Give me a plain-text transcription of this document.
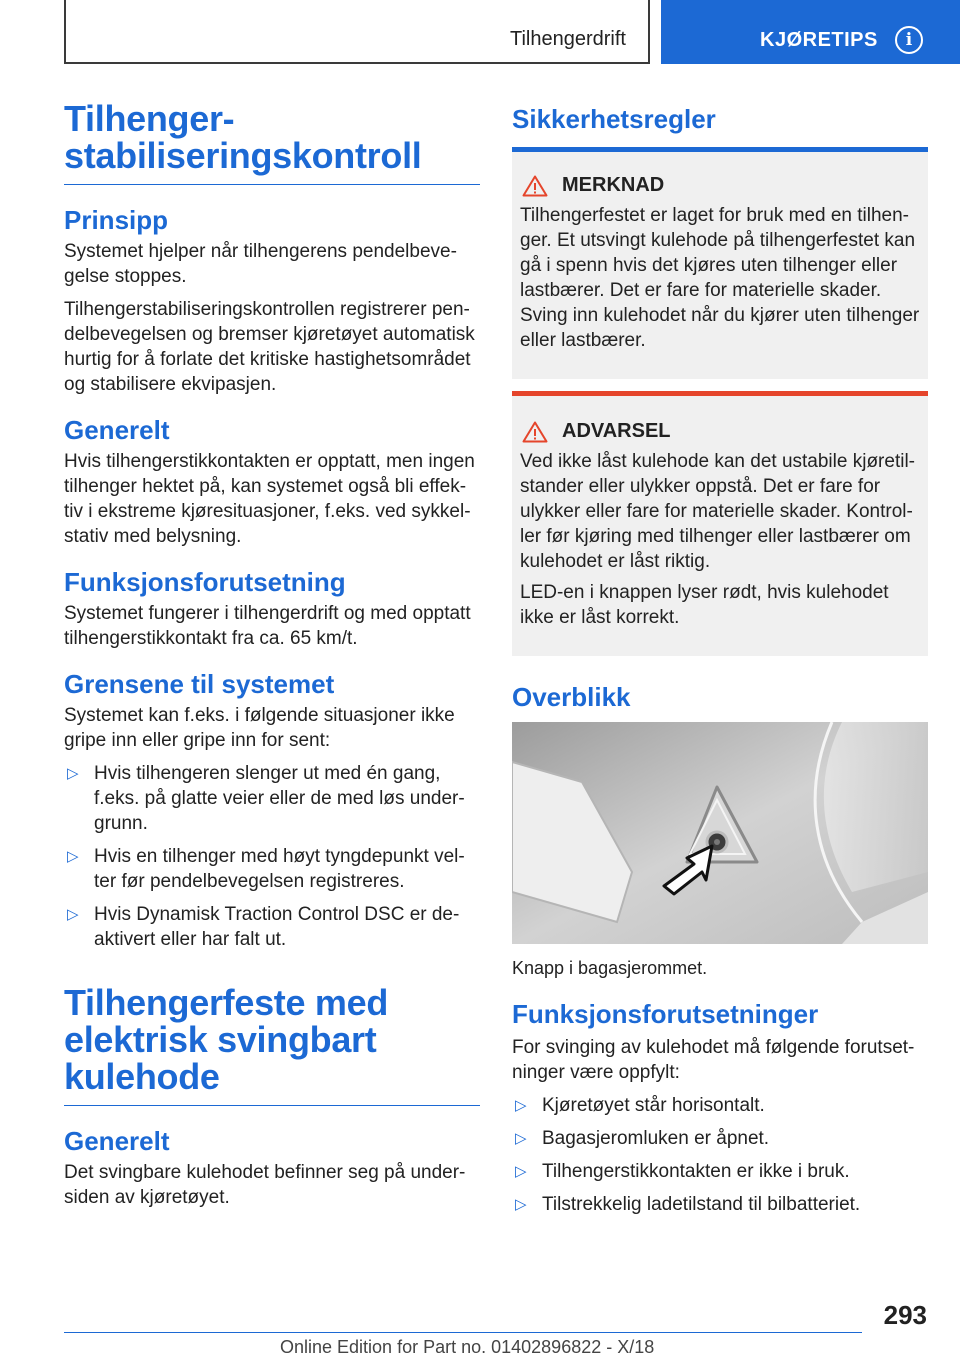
Tilhengerdrift	KJØRETIPS	i
Tilhenger-
stabiliseringskontroll
Prinsipp

Systemet hjelper når tilhengerens pendelbeve-gelse stoppes.

Tilhengerstabiliseringskontrollen registrerer pen-delbevegelsen og bremser kjøretøyet automatisk hurtig for å forlate det kritiske hastighetsområdet og stabilisere ekvipasjen.

Generelt

Hvis tilhengerstikkontakten er opptatt, men ingen tilhenger hektet på, kan systemet også bli effek-tiv i ekstreme kjøresituasjoner, f.eks. ved sykkel-stativ med belysning.

Funksjonsforutsetning

Systemet fungerer i tilhengerdrift og med opptatt tilhengerstikkontakt fra ca. 65 km/t.

Grensene til systemet

Systemet kan f.eks. i følgende situasjoner ikke gripe inn eller gripe inn for sent:

▷ Hvis tilhengeren slenger ut med én gang, f.eks. på glatte veier eller de med løs under-grunn.
▷ Hvis en tilhenger med høyt tyngdepunkt vel-ter før pendelbevegelsen registreres.
▷ Hvis Dynamisk Traction Control DSC er de-aktivert eller har falt ut.
Tilhengerfeste med elektrisk svingbart kulehode
Generelt

Det svingbare kulehodet befinner seg på under-siden av kjøretøyet.

Sikkerhetsregler
MERKNAD

Tilhengerfestet er laget for bruk med en tilhen-ger. Et utsvingt kulehode på tilhengerfestet kan gå i spenn hvis det kjøres uten tilhenger eller lastbærer. Det er fare for materielle skader. Sving inn kulehodet når du kjører uten tilhenger eller lastbærer.

ADVARSEL

Ved ikke låst kulehode kan det ustabile kjøretil-stander eller ulykker oppstå. Det er fare for ulykker eller fare for materielle skader. Kontrol-ler før kjøring med tilhenger eller lastbærer om kulehodet er låst riktig.

LED-en i knappen lyser rødt, hvis kulehodet ikke er låst korrekt.

Overblikk

Knapp i bagasjerommet.

Funksjonsforutsetninger

For svinging av kulehodet må følgende forutset-ninger være oppfylt:

▷ Kjøretøyet står horisontalt.
▷ Bagasjeromluken er åpnet.
▷ Tilhengerstikkontakten er ikke i bruk.
▷ Tilstrekkelig ladetilstand til bilbatteriet.
293
Online Edition for Part no. 01402896822 - X/18
